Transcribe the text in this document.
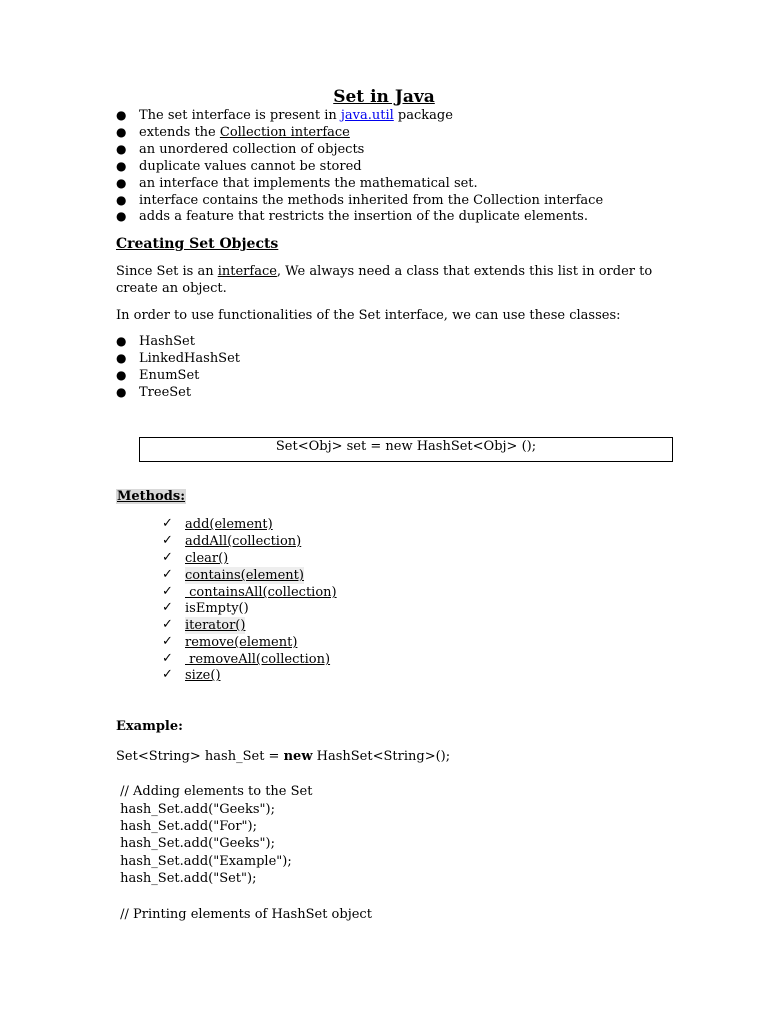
Set in Java
● The set interface is present in java.util package
● extends the Collection interface
● an unordered collection of objects
● duplicate values cannot be stored
● an interface that implements the mathematical set.
● interface contains the methods inherited from the Collection interface
● adds a feature that restricts the insertion of the duplicate elements.
Creating Set Objects
Since Set is an interface, We always need a class that extends this list in order to create an object.
In order to use functionalities of the Set interface, we can use these classes:
● HashSet
● LinkedHashSet
● EnumSet
● TreeSet
Set<Obj> set = new HashSet<Obj> ();
Methods:
✓ add(element)
✓ addAll(collection)
✓ clear()
✓ contains(element)
✓ containsAll(collection)
✓ isEmpty()
✓ iterator()
✓ remove(element)
✓ removeAll(collection)
✓ size()
Example:
Set<String> hash_Set = new HashSet<String>();
// Adding elements to the Set
hash_Set.add("Geeks");
hash_Set.add("For");
hash_Set.add("Geeks");
hash_Set.add("Example");
hash_Set.add("Set");
// Printing elements of HashSet object
